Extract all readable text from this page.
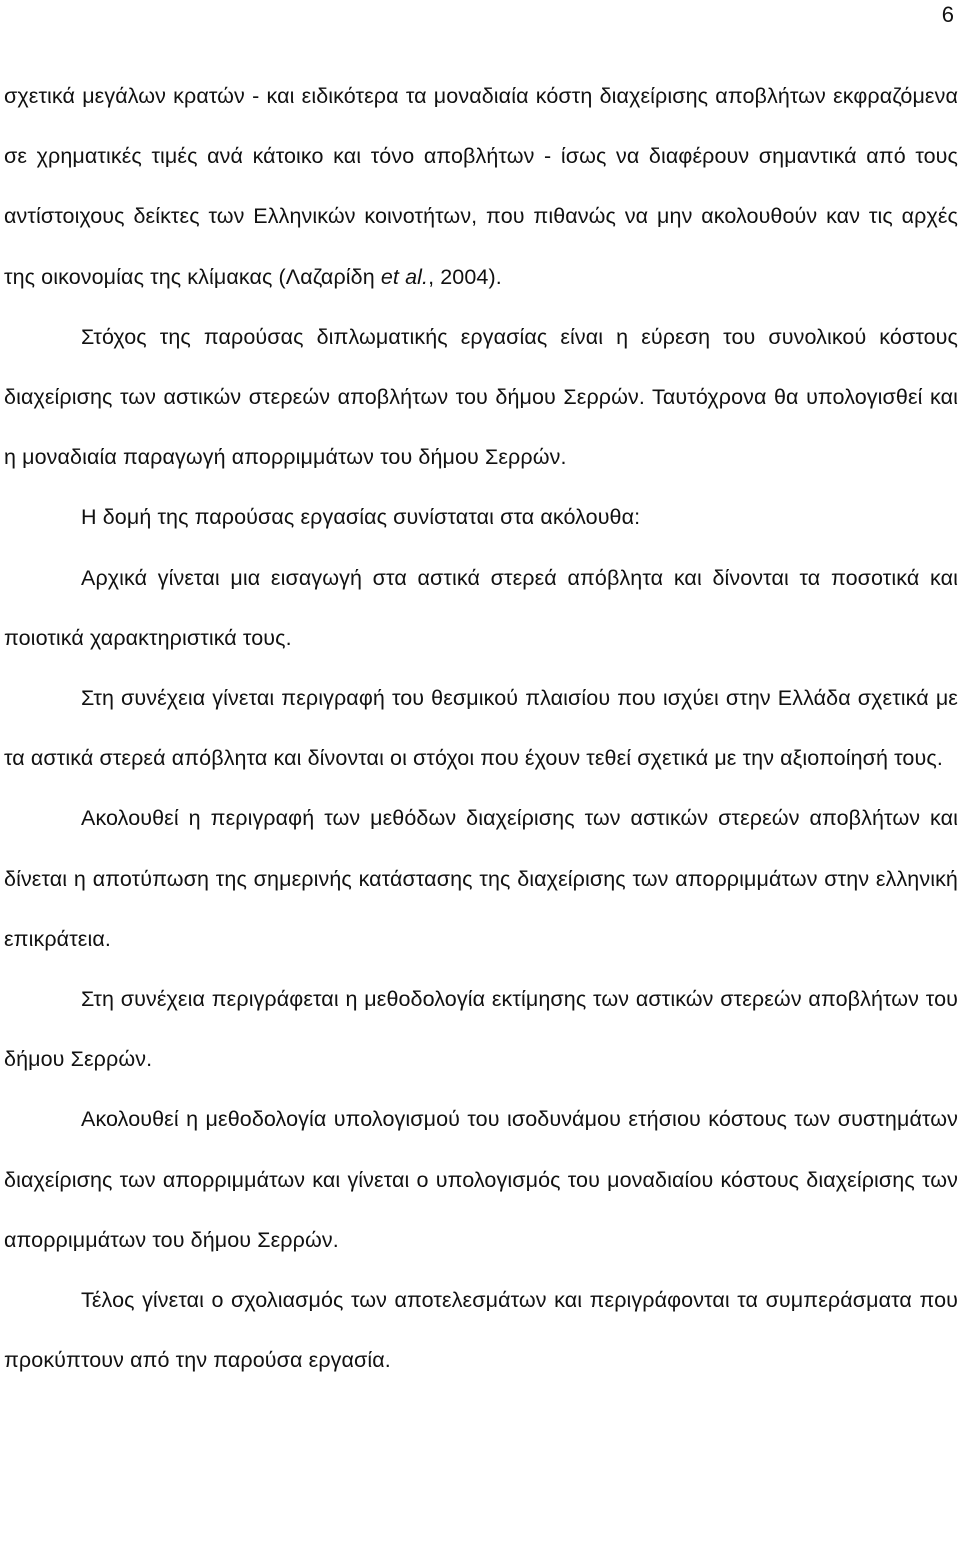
6

σχετικά μεγάλων κρατών - και ειδικότερα τα μοναδιαία κόστη διαχείρισης αποβλήτων εκφραζόμενα σε χρηματικές τιμές ανά κάτοικο και τόνο αποβλήτων - ίσως να διαφέρουν σημαντικά από τους αντίστοιχους δείκτες των Ελληνικών κοινοτήτων, που πιθανώς να μην ακολουθούν καν τις αρχές της οικονομίας της κλίμακας (Λαζαρίδη et al., 2004).

Στόχος της παρούσας διπλωματικής εργασίας είναι η εύρεση του συνολικού κόστους διαχείρισης των αστικών στερεών αποβλήτων του δήμου Σερρών. Ταυτόχρονα θα υπολογισθεί και η μοναδιαία παραγωγή απορριμμάτων του δήμου Σερρών.

Η δομή της παρούσας εργασίας συνίσταται στα ακόλουθα:

Αρχικά γίνεται μια εισαγωγή στα αστικά στερεά απόβλητα και δίνονται τα ποσοτικά και ποιοτικά χαρακτηριστικά τους.

Στη συνέχεια γίνεται περιγραφή του θεσμικού πλαισίου που ισχύει στην Ελλάδα σχετικά με τα αστικά στερεά απόβλητα και δίνονται οι στόχοι που έχουν τεθεί σχετικά με την αξιοποίησή τους.

Ακολουθεί η περιγραφή των μεθόδων διαχείρισης των αστικών στερεών αποβλήτων και δίνεται η αποτύπωση της σημερινής κατάστασης της διαχείρισης των απορριμμάτων στην ελληνική επικράτεια.

Στη συνέχεια περιγράφεται η μεθοδολογία εκτίμησης των αστικών στερεών αποβλήτων του δήμου Σερρών.

Ακολουθεί η μεθοδολογία υπολογισμού του ισοδυνάμου ετήσιου κόστους των συστημάτων διαχείρισης των απορριμμάτων και γίνεται ο υπολογισμός του μοναδιαίου κόστους διαχείρισης των απορριμμάτων του δήμου Σερρών.

Τέλος γίνεται ο σχολιασμός των αποτελεσμάτων και περιγράφονται τα συμπεράσματα που προκύπτουν από την παρούσα εργασία.
